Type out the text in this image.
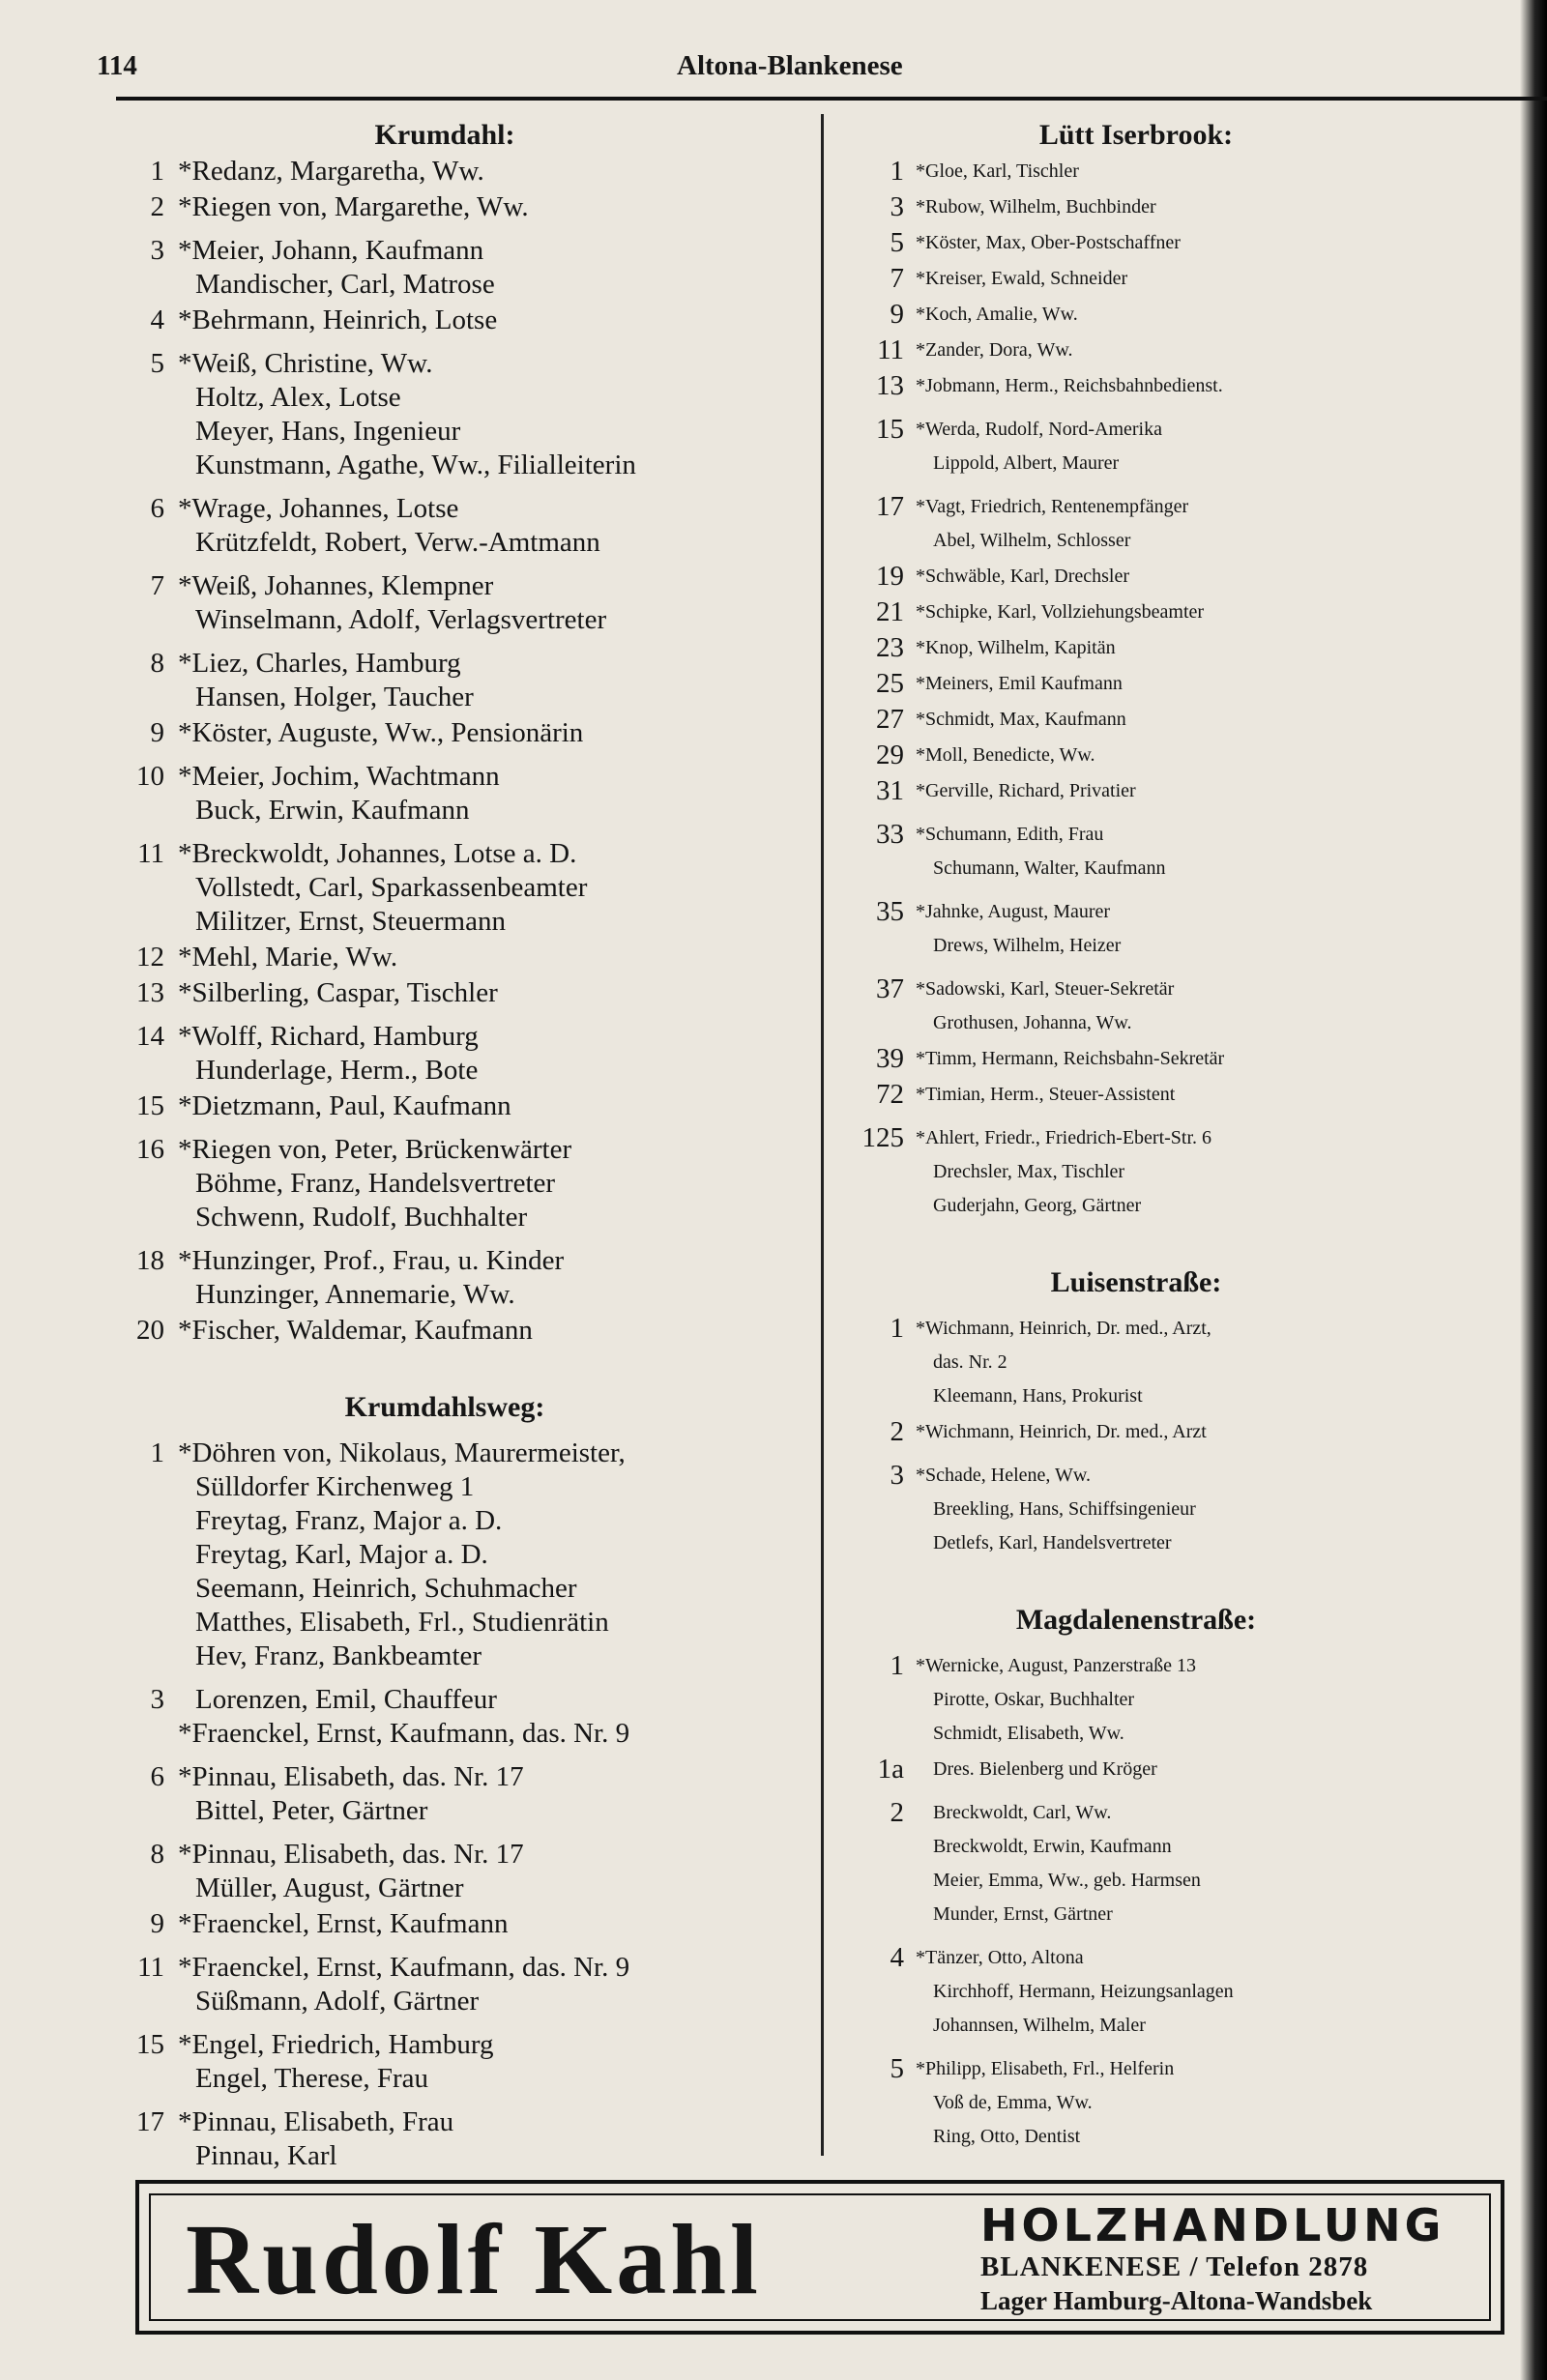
114	Altona-Blankenese
Krumdahl:
1 *Redanz, Margaretha, Ww.
2 *Riegen von, Margarethe, Ww.
3 *Meier, Johann, Kaufmann
Mandischer, Carl, Matrose
4 *Behrmann, Heinrich, Lotse
5 *Weiß, Christine, Ww.
Holtz, Alex, Lotse
Meyer, Hans, Ingenieur
Kunstmann, Agathe, Ww., Filialleiterin
6 *Wrage, Johannes, Lotse
Krützfeldt, Robert, Verw.-Amtmann
7 *Weiß, Johannes, Klempner
Winselmann, Adolf, Verlagsvertreter
8 *Liez, Charles, Hamburg
Hansen, Holger, Taucher
9 *Köster, Auguste, Ww., Pensionärin
10 *Meier, Jochim, Wachtmann
Buck, Erwin, Kaufmann
11 *Breckwoldt, Johannes, Lotse a. D.
Vollstedt, Carl, Sparkassenbeamter
Militzer, Ernst, Steuermann
12 *Mehl, Marie, Ww.
13 *Silberling, Caspar, Tischler
14 *Wolff, Richard, Hamburg
Hunderlage, Herm., Bote
15 *Dietzmann, Paul, Kaufmann
16 *Riegen von, Peter, Brückenwärter
Böhme, Franz, Handelsvertreter
Schwenn, Rudolf, Buchhalter
18 *Hunzinger, Prof., Frau, u. Kinder
Hunzinger, Annemarie, Ww.
20 *Fischer, Waldemar, Kaufmann
Krumdahlsweg:
1 *Döhren von, Nikolaus, Maurermeister,
Sülldorfer Kirchenweg 1
Freytag, Franz, Major a. D.
Freytag, Karl, Major a. D.
Seemann, Heinrich, Schuhmacher
Matthes, Elisabeth, Frl., Studienrätin
Hev, Franz, Bankbeamter
3	Lorenzen, Emil, Chauffeur
*Fraenckel, Ernst, Kaufmann, das. Nr. 9
6 *Pinnau, Elisabeth, das. Nr. 17
Bittel, Peter, Gärtner
8 *Pinnau, Elisabeth, das. Nr. 17
Müller, August, Gärtner
9 *Fraenckel, Ernst, Kaufmann
11 *Fraenckel, Ernst, Kaufmann, das. Nr. 9
Süßmann, Adolf, Gärtner
15 *Engel, Friedrich, Hamburg
Engel, Therese, Frau
17 *Pinnau, Elisabeth, Frau
Pinnau, Karl
Lütt Iserbrook:
1 *Gloe, Karl, Tischler
3 *Rubow, Wilhelm, Buchbinder
5 *Köster, Max, Ober-Postschaffner
7 *Kreiser, Ewald, Schneider
9 *Koch, Amalie, Ww.
11 *Zander, Dora, Ww.
13 *Jobmann, Herm., Reichsbahnbedienst.
15 *Werda, Rudolf, Nord-Amerika
Lippold, Albert, Maurer
17 *Vagt, Friedrich, Rentenempfänger
Abel, Wilhelm, Schlosser
19 *Schwäble, Karl, Drechsler
21 *Schipke, Karl, Vollziehungsbeamter
23 *Knop, Wilhelm, Kapitän
25 *Meiners, Emil Kaufmann
27 *Schmidt, Max, Kaufmann
29 *Moll, Benedicte, Ww.
31 *Gerville, Richard, Privatier
33 *Schumann, Edith, Frau
Schumann, Walter, Kaufmann
35 *Jahnke, August, Maurer
Drews, Wilhelm, Heizer
37 *Sadowski, Karl, Steuer-Sekretär
Grothusen, Johanna, Ww.
39 *Timm, Hermann, Reichsbahn-Sekretär
72 *Timian, Herm., Steuer-Assistent
125 *Ahlert, Friedr., Friedrich-Ebert-Str. 6
Drechsler, Max, Tischler
Guderjahn, Georg, Gärtner
Luisenstraße:
1 *Wichmann, Heinrich, Dr. med., Arzt,
das. Nr. 2
Kleemann, Hans, Prokurist
2 *Wichmann, Heinrich, Dr. med., Arzt
3 *Schade, Helene, Ww.
Breekling, Hans, Schiffsingenieur
Detlefs, Karl, Handelsvertreter
Magdalenenstraße:
1 *Wernicke, August, Panzerstraße 13
Pirotte, Oskar, Buchhalter
Schmidt, Elisabeth, Ww.
1a	Dres. Bielenberg und Kröger
2	Breckwoldt, Carl, Ww.
Breckwoldt, Erwin, Kaufmann
Meier, Emma, Ww., geb. Harmsen
Munder, Ernst, Gärtner
4 *Tänzer, Otto, Altona
Kirchhoff, Hermann, Heizungsanlagen
Johannsen, Wilhelm, Maler
5 *Philipp, Elisabeth, Frl., Helferin
Voß de, Emma, Ww.
Ring, Otto, Dentist
Rudolf Kahl	HOLZHANDLUNG
BLANKENESE / Telefon 2878
Lager Hamburg-Altona-Wandsbek
